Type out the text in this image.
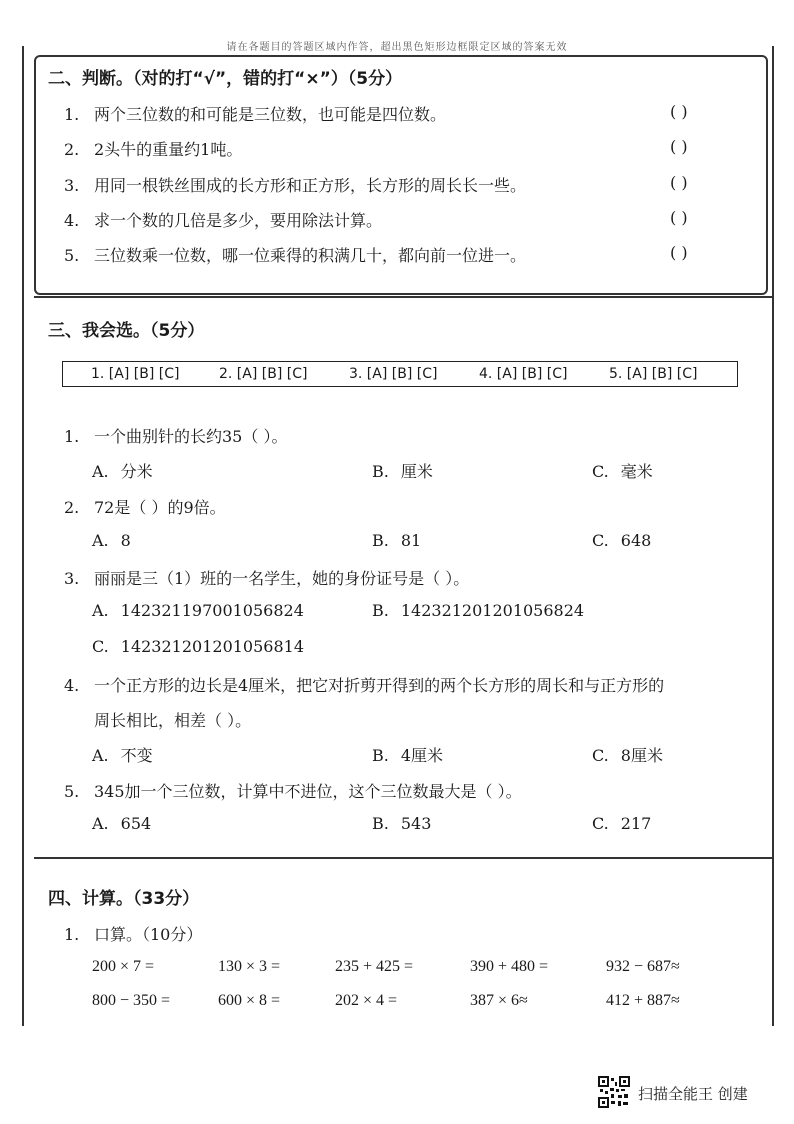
请在各题目的答题区域内作答，超出黑色矩形边框限定区域的答案无效
二、判断。（对的打“√”，错的打“×”）（5分）
1. 两个三位数的和可能是三位数，也可能是四位数。	( )
2. 2头牛的重量约1吨。	( )
3. 用同一根铁丝围成的长方形和正方形，长方形的周长长一些。	( )
4. 求一个数的几倍是多少，要用除法计算。	( )
5. 三位数乘一位数，哪一位乘得的积满几十，都向前一位进一。	( )
三、我会选。（5分）
1. [A] [B] [C]	2. [A] [B] [C]	3. [A] [B] [C]	4. [A] [B] [C]	5. [A] [B] [C]
1. 一个曲别针的长约35（ ）。
A. 分米	B. 厘米	C. 毫米
2. 72是（ ）的9倍。
A. 8	B. 81	C. 648
3. 丽丽是三（1）班的一名学生，她的身份证号是（ ）。
A. 142321197001056824	B. 142321201201056824
C. 142321201201056814
4. 一个正方形的边长是4厘米，把它对折剪开得到的两个长方形的周长和与正方形的
周长相比，相差（ ）。
A. 不变	B. 4厘米	C. 8厘米
5. 345加一个三位数，计算中不进位，这个三位数最大是（ ）。
A. 654	B. 543	C. 217
四、计算。（33分）
1. 口算。（10分）
200 × 7 =	130 × 3 =	235 + 425 =	390 + 480 =	932 − 687≈
800 − 350 =	600 × 8 =	202 × 4 =	387 × 6≈	412 + 887≈
扫描全能王 创建
